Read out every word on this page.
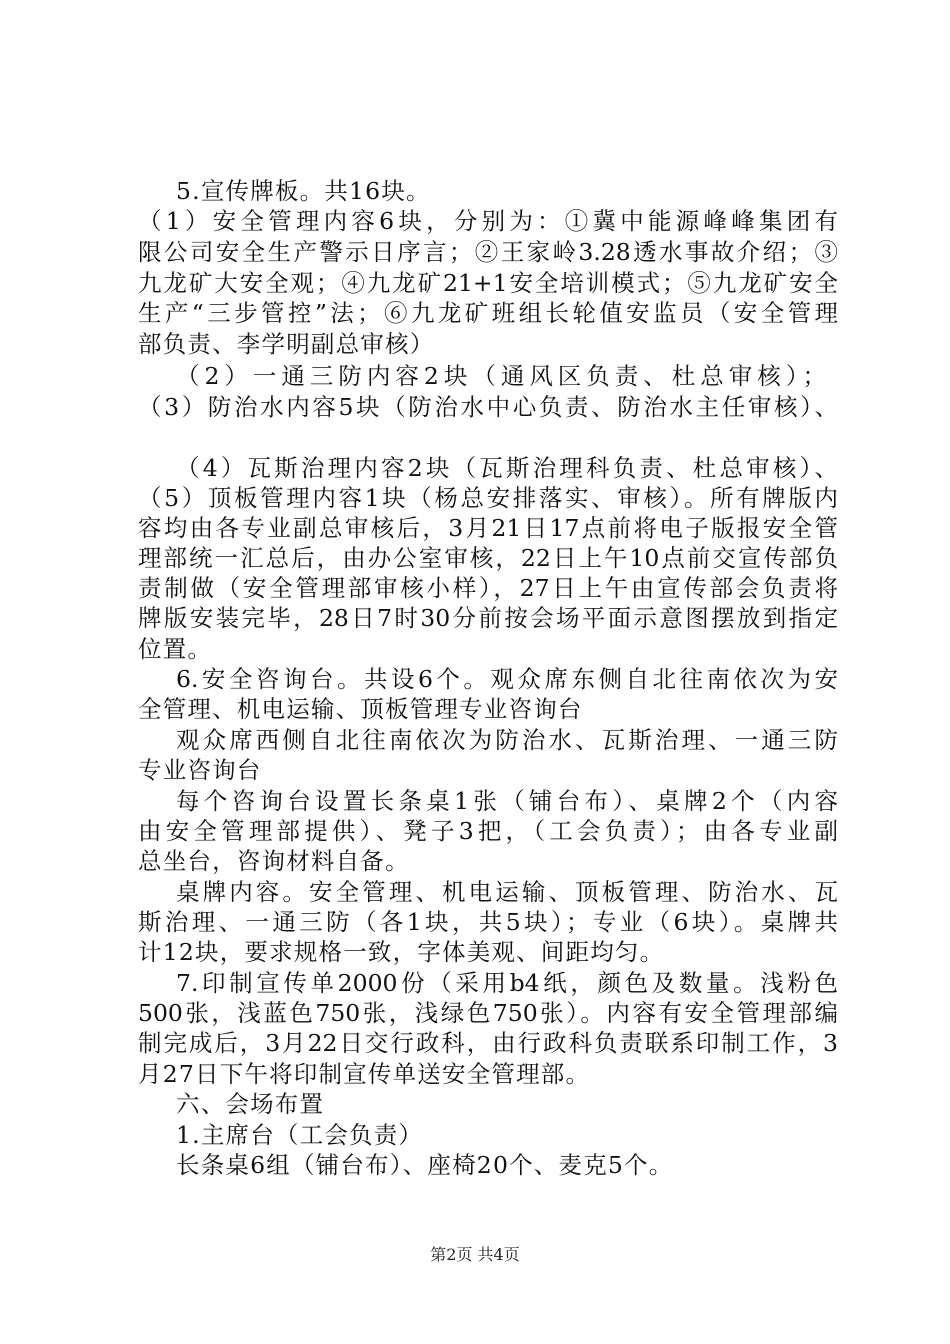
5.宣传牌板。共16块。
（1）安全管理内容6块，分别为：①冀中能源峰峰集团有
限公司安全生产警示日序言；②王家岭3.28透水事故介绍；③
九龙矿大安全观；④九龙矿21+1安全培训模式；⑤九龙矿安全
生产“三步管控”法；⑥九龙矿班组长轮值安监员（安全管理
部负责、李学明副总审核）
（2）一通三防内容2块（通风区负责、杜总审核）；
（3）防治水内容5块（防治水中心负责、防治水主任审核）、
（4）瓦斯治理内容2块（瓦斯治理科负责、杜总审核）、
（5）顶板管理内容1块（杨总安排落实、审核）。所有牌版内
容均由各专业副总审核后，3月21日17点前将电子版报安全管
理部统一汇总后，由办公室审核，22日上午10点前交宣传部负
责制做（安全管理部审核小样），27日上午由宣传部会负责将
牌版安装完毕，28日7时30分前按会场平面示意图摆放到指定
位置。
6.安全咨询台。共设6个。观众席东侧自北往南依次为安
全管理、机电运输、顶板管理专业咨询台
观众席西侧自北往南依次为防治水、瓦斯治理、一通三防
专业咨询台
每个咨询台设置长条桌1张（铺台布）、桌牌2个（内容
由安全管理部提供）、凳子3把，（工会负责）；由各专业副
总坐台，咨询材料自备。
桌牌内容。安全管理、机电运输、顶板管理、防治水、瓦
斯治理、一通三防（各1块，共5块）；专业（6块）。桌牌共
计12块，要求规格一致，字体美观、间距均匀。
7.印制宣传单2000份（采用b4纸，颜色及数量。浅粉色
500张，浅蓝色750张，浅绿色750张）。内容有安全管理部编
制完成后，3月22日交行政科，由行政科负责联系印制工作，3
月27日下午将印制宣传单送安全管理部。
六、会场布置
1.主席台（工会负责）
长条桌6组（铺台布）、座椅20个、麦克5个。
第2页 共4页
